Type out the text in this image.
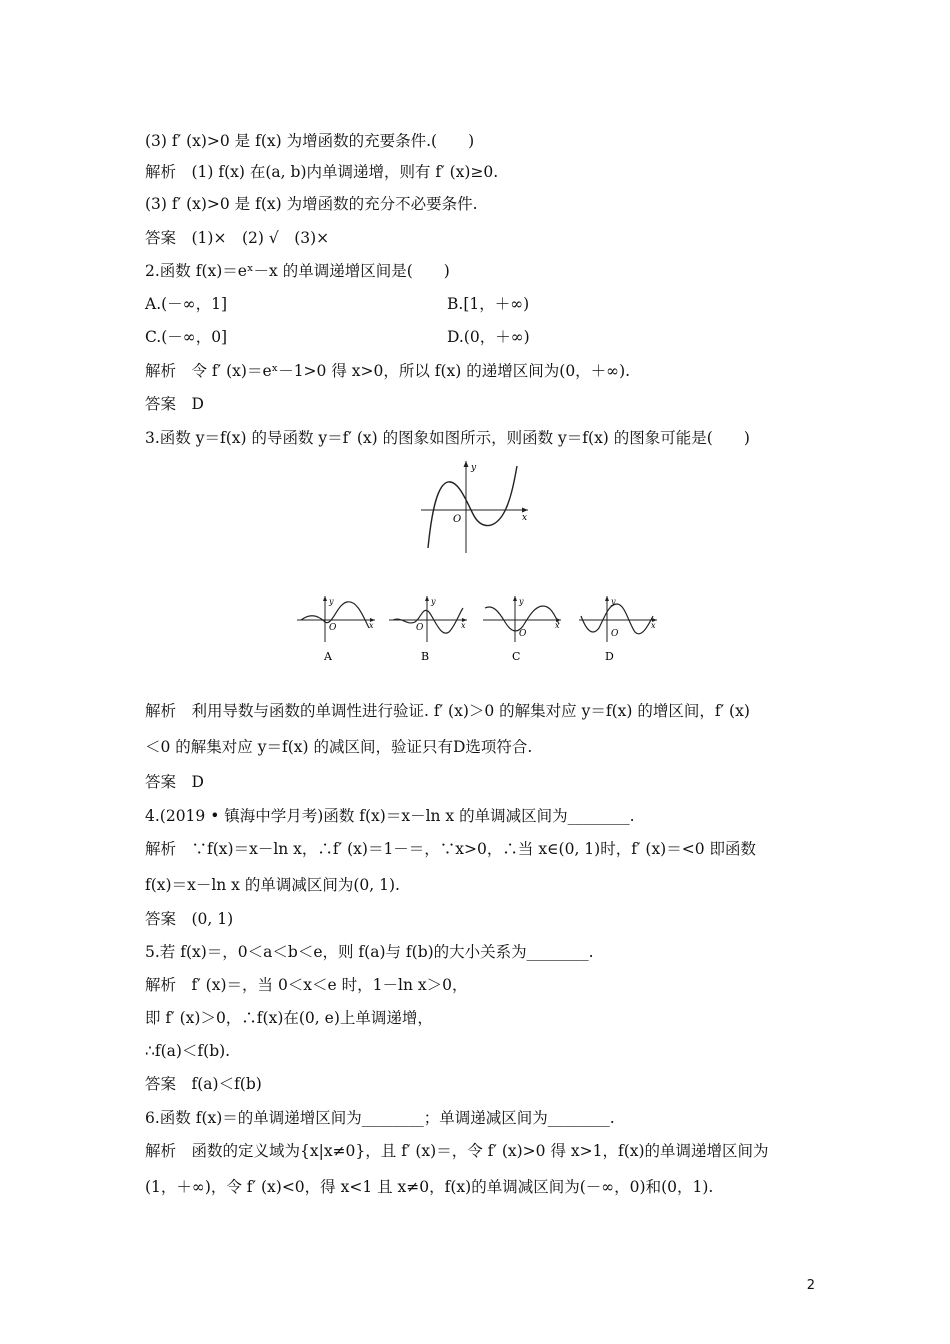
(3) f′ (x)>0 是 f(x) 为增函数的充要条件.(　　)
解析　(1) f(x) 在(a, b)内单调递增，则有 f′ (x)≥0.
(3) f′ (x)>0 是 f(x) 为增函数的充分不必要条件.
答案　(1)×　(2) √　(3)×
2.函数 f(x)＝eˣ－x 的单调递增区间是(　　)
A.(－∞，1]	B.[1，＋∞)
C.(－∞，0]	D.(0，＋∞)
解析　令 f′ (x)＝eˣ－1>0 得 x>0，所以 f(x) 的递增区间为(0，＋∞).
答案　D
3.函数 y＝f(x) 的导函数 y＝f′ (x) 的图象如图所示，则函数 y＝f(x) 的图象可能是(　　)
y
x
O
y
x
O
A
y
x
O
B
y
x
O
C
y
x
O
D
解析　利用导数与函数的单调性进行验证. f′ (x)＞0 的解集对应 y＝f(x) 的增区间，f′ (x)
＜0 的解集对应 y＝f(x) 的减区间，验证只有D选项符合.
答案　D
4.(2019 • 镇海中学月考)函数 f(x)＝x－ln x 的单调减区间为________.
解析　∵f(x)＝x－ln x，∴f′ (x)＝1－＝，∵x>0，∴当 x∈(0, 1)时，f′ (x)＝<0 即函数
f(x)＝x－ln x 的单调减区间为(0, 1).
答案　(0, 1)
5.若 f(x)＝，0＜a＜b＜e，则 f(a)与 f(b)的大小关系为________.
解析　f′ (x)＝，当 0＜x＜e 时，1－ln x＞0，
即 f′ (x)＞0，∴f(x)在(0, e)上单调递增，
∴f(a)＜f(b).
答案　f(a)＜f(b)
6.函数 f(x)＝的单调递增区间为________；单调递减区间为________.
解析　函数的定义域为{x|x≠0}，且 f′ (x)＝，令 f′ (x)>0 得 x>1，f(x)的单调递增区间为
(1，＋∞)，令 f′ (x)<0，得 x<1 且 x≠0，f(x)的单调减区间为(－∞，0)和(0，1).
2
